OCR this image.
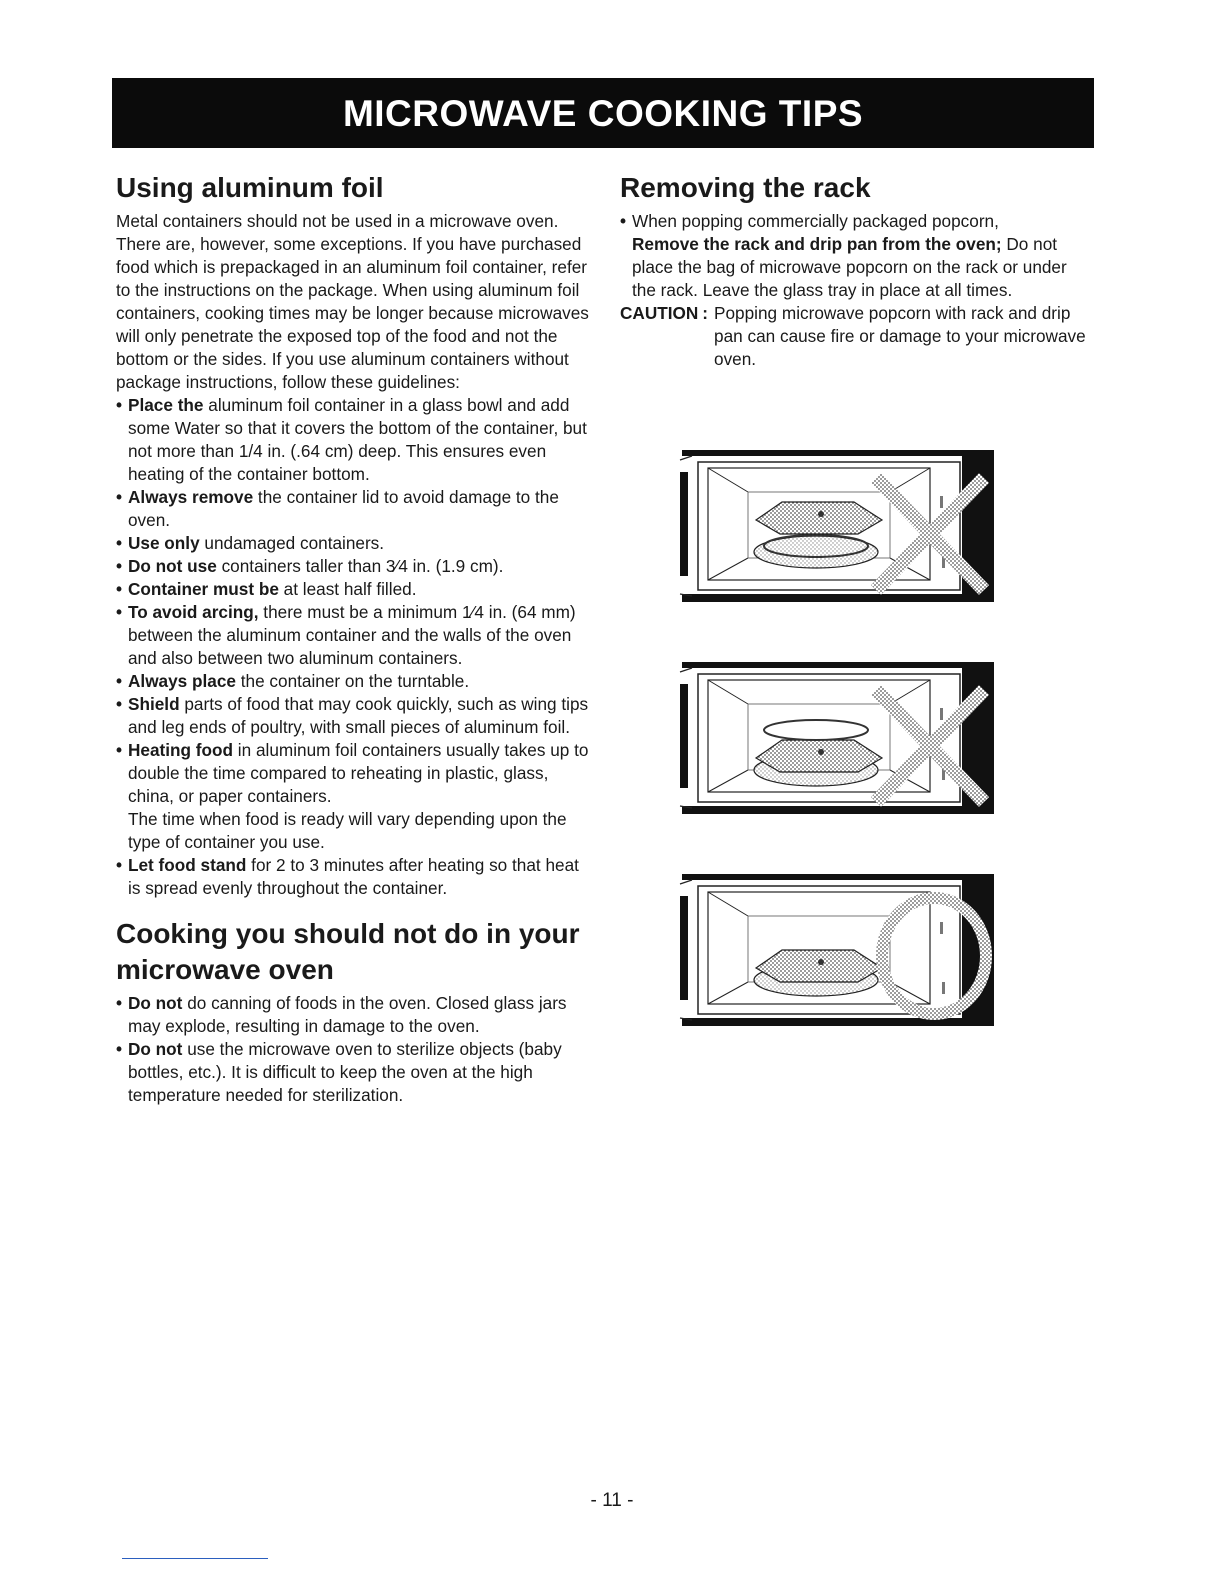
MICROWAVE COOKING TIPS
Using aluminum foil

Metal containers should not be used in a microwave oven. There are, however, some exceptions. If you have purchased food which is prepackaged in an aluminum foil container, refer to the instructions on the package. When using aluminum foil containers, cooking times may be longer because microwaves will only penetrate the exposed top of the food and not the bottom or the sides. If you use aluminum containers without package instructions, follow these guidelines:

• Place the aluminum foil container in a glass bowl and add some Water so that it covers the bottom of the container, but not more than 1/4 in. (.64 cm) deep. This ensures even heating of the container bottom.
• Always remove the container lid to avoid damage to the oven.
• Use only undamaged containers.
• Do not use containers taller than 3⁄4 in. (1.9 cm).
• Container must be at least half filled.
• To avoid arcing, there must be a minimum 1⁄4 in. (64 mm) between the aluminum container and the walls of the oven and also between two aluminum containers.
• Always place the container on the turntable.
• Shield parts of food that may cook quickly, such as wing tips and leg ends of poultry, with small pieces of aluminum foil.
• Heating food in aluminum foil containers usually takes up to double the time compared to reheating in plastic, glass, china, or paper containers.
The time when food is ready will vary depending upon the type of container you use.
• Let food stand for 2 to 3 minutes after heating so that heat is spread evenly throughout the container.
Cooking you should not do in your microwave oven
• Do not do canning of foods in the oven. Closed glass jars may explode, resulting in damage to the oven.
• Do not use the microwave oven to sterilize objects (baby bottles, etc.). It is difficult to keep the oven at the high temperature needed for sterilization.
Removing the rack
• When popping commercially packaged popcorn,
Remove the rack and drip pan from the oven; Do not place the bag of microwave popcorn on the rack or under the rack. Leave the glass tray in place at all times.
CAUTION : Popping microwave popcorn with rack and drip pan can cause fire or damage to your microwave oven.
- 11 -
